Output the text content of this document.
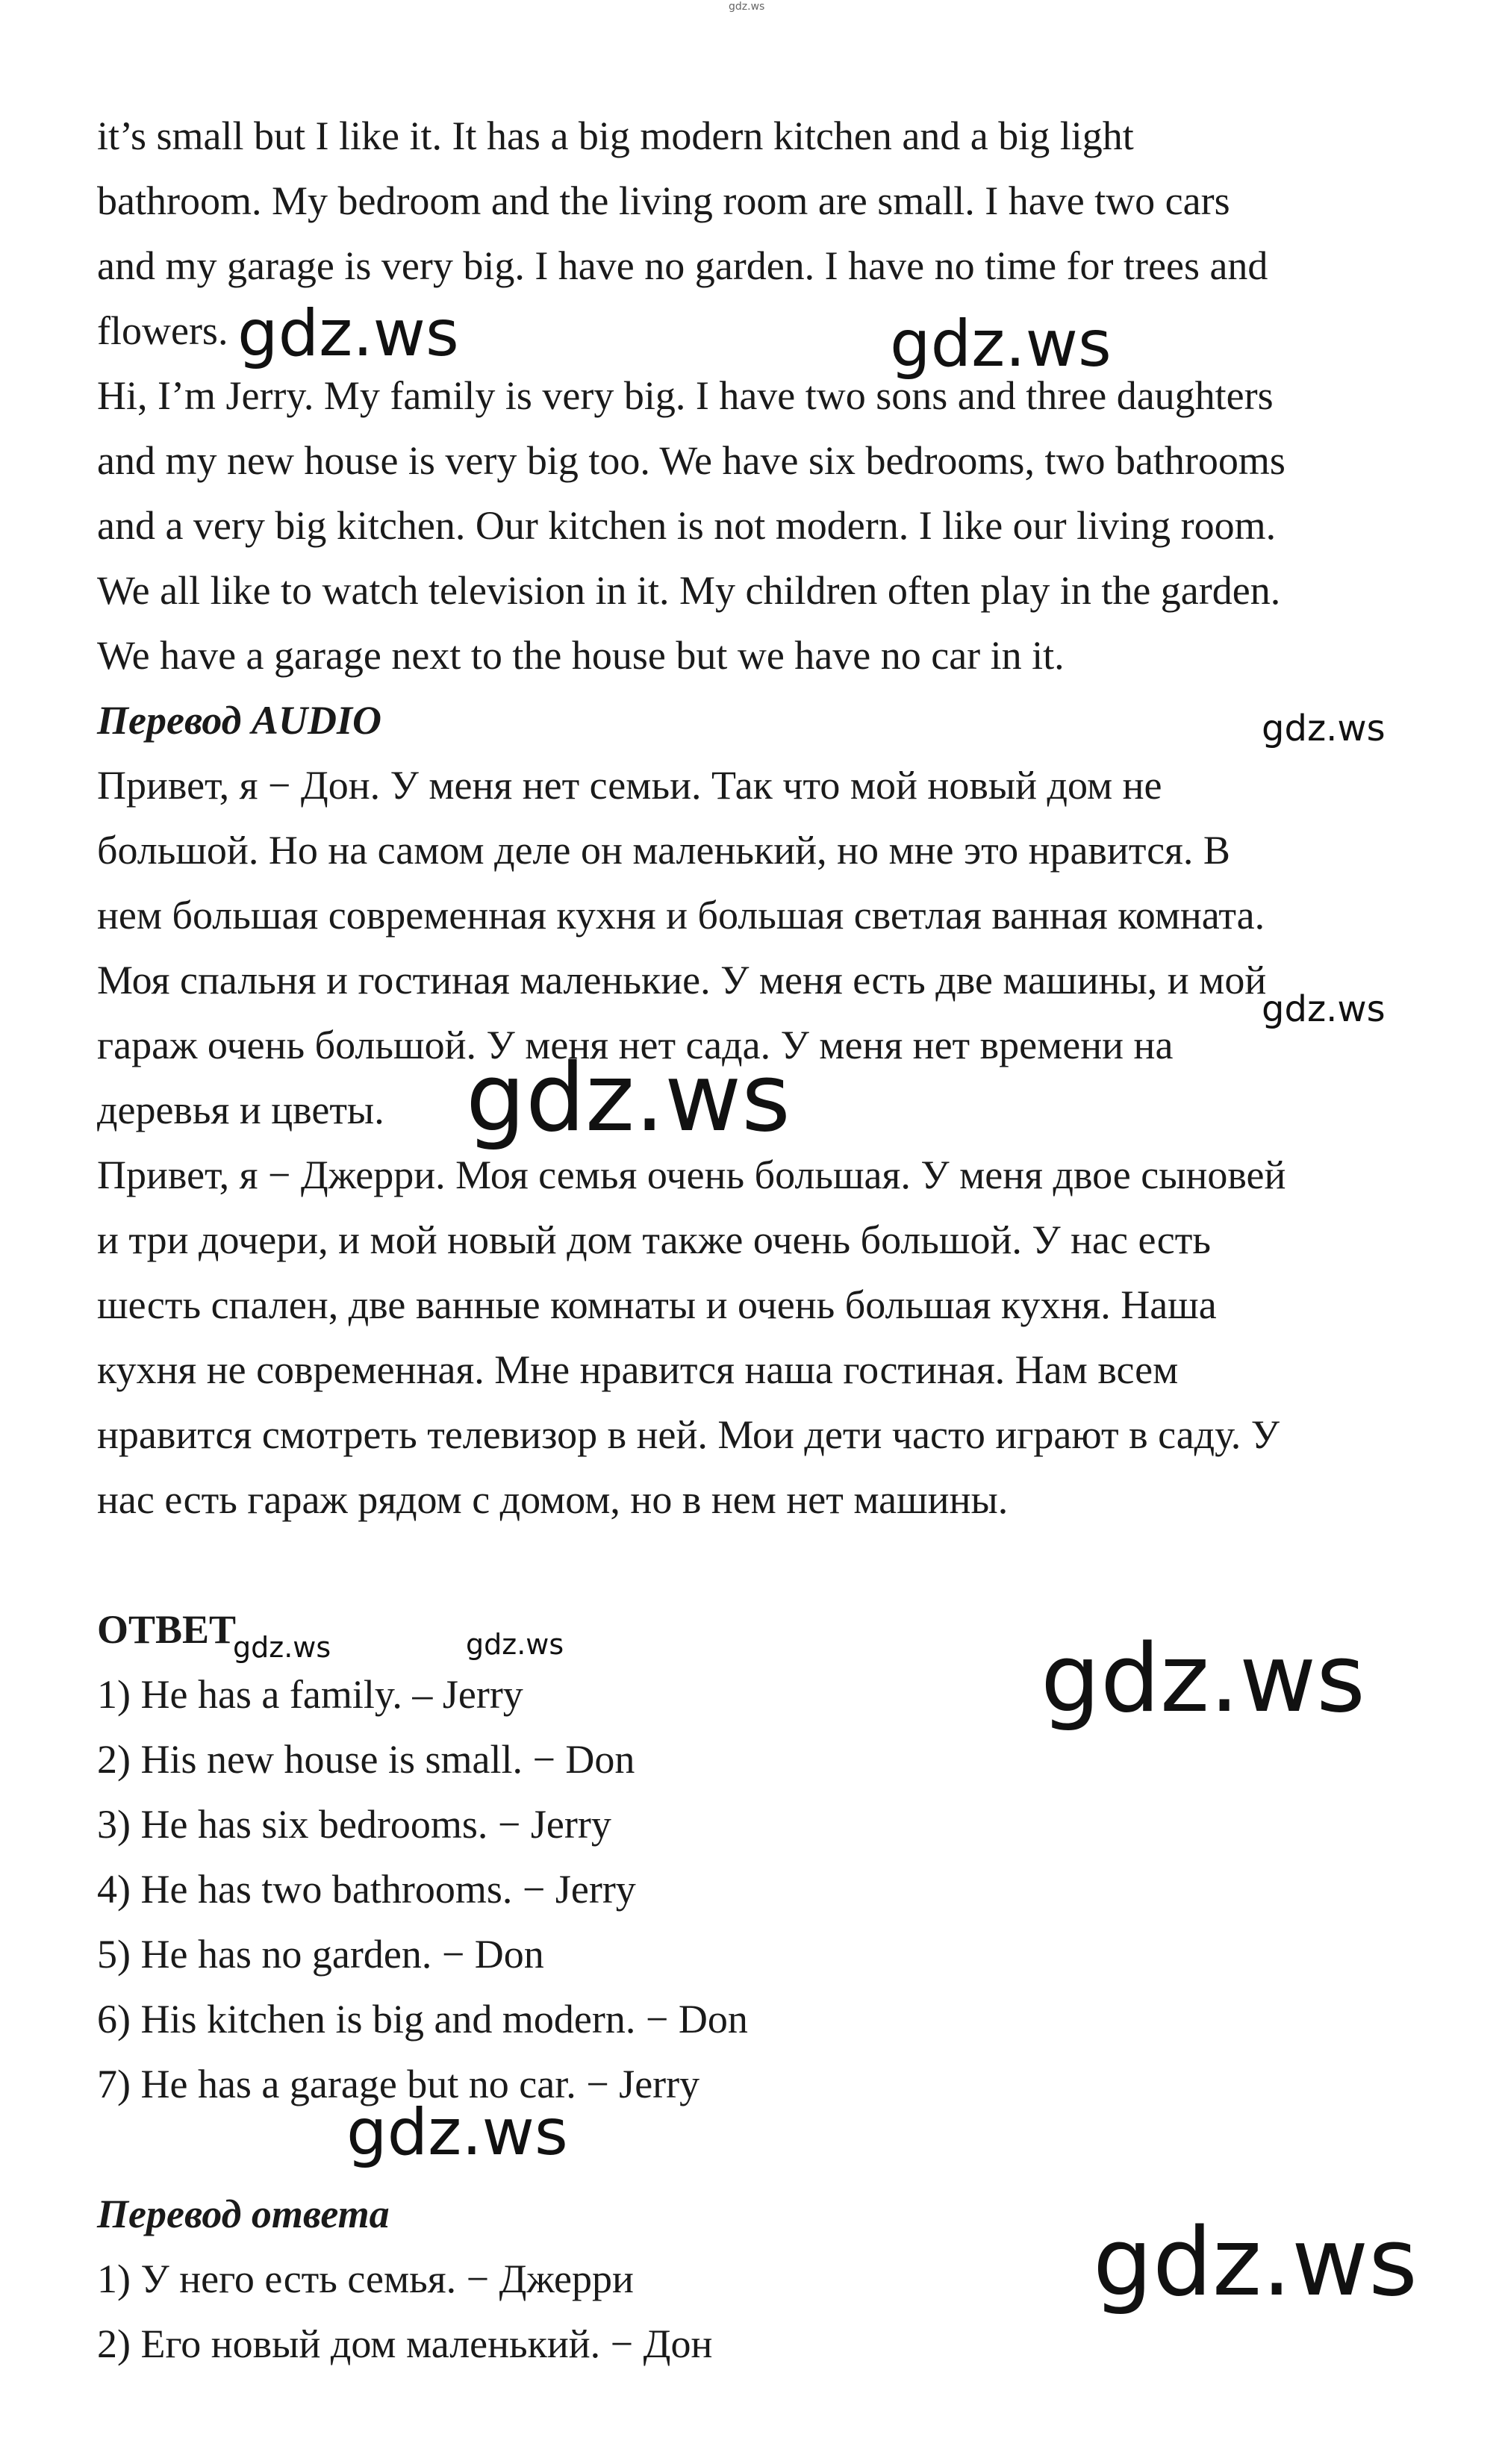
gdz.ws
it’s small but I like it. It has a big modern kitchen and a big light
bathroom. My bedroom and the living room are small. I have two cars
and my garage is very big. I have no garden. I have no time for trees and
flowers.
Hi, I’m Jerry. My family is very big. I have two sons and three daughters
and my new house is very big too. We have six bedrooms, two bathrooms
and a very big kitchen. Our kitchen is not modern. I like our living room.
We all like to watch television in it. My children often play in the garden.
We have a garage next to the house but we have no car in it.
Перевод AUDIO
Привет, я − Дон. У меня нет семьи. Так что мой новый дом не
большой. Но на самом деле он маленький, но мне это нравится. В
нем большая современная кухня и большая светлая ванная комната.
Моя спальня и гостиная маленькие. У меня есть две машины, и мой
гараж очень большой. У меня нет сада. У меня нет времени на
деревья и цветы.
Привет, я − Джерри. Моя семья очень большая. У меня двое сыновей
и три дочери, и мой новый дом также очень большой. У нас есть
шесть спален, две ванные комнаты и очень большая кухня. Наша
кухня не современная. Мне нравится наша гостиная. Нам всем
нравится смотреть телевизор в ней. Мои дети часто играют в саду. У
нас есть гараж рядом с домом, но в нем нет машины.
ОТВЕТ
1) He has a family. – Jerry
2) His new house is small. − Don
3) He has six bedrooms. − Jerry
4) He has two bathrooms. − Jerry
5) He has no garden. − Don
6) His kitchen is big and modern. − Don
7) He has a garage but no car. − Jerry
Перевод ответа
1) У него есть семья. − Джерри
2) Его новый дом маленький. − Дон
gdz.ws	gdz.ws
gdz.ws
gdz.ws
gdz.ws
gdz.ws	gdz.ws	gdz.ws
gdz.ws
gdz.ws
